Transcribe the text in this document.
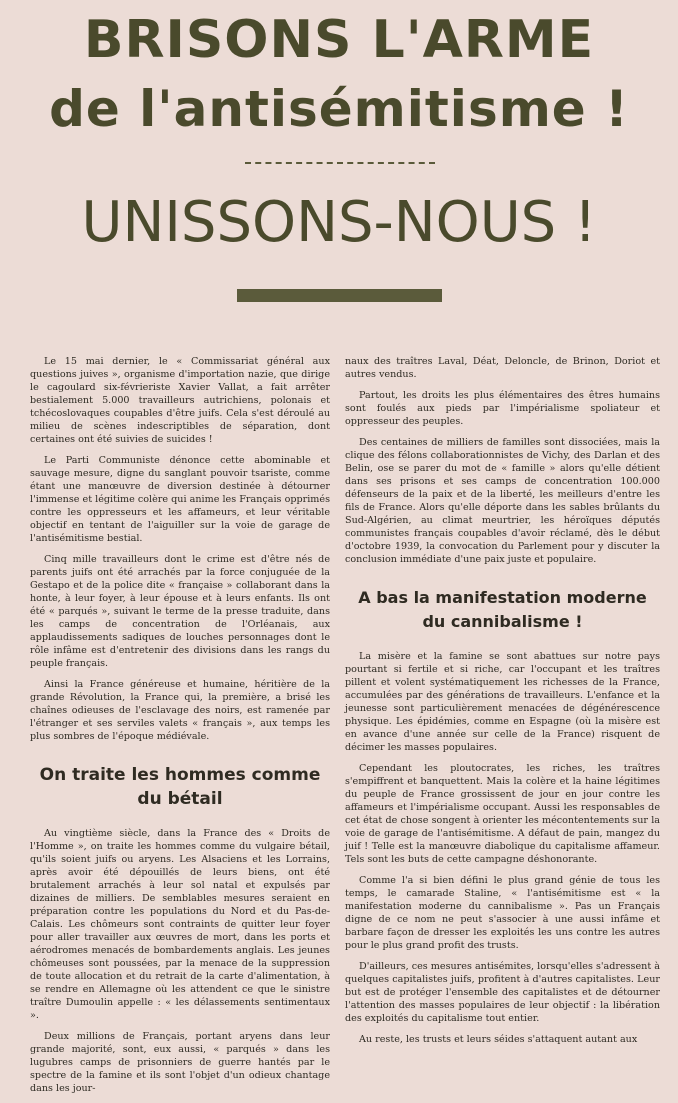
BRISONS L'ARME
de l'antisémitisme !
UNISSONS-NOUS !

Le 15 mai dernier, le « Commissariat général aux questions juives », organisme d'importation nazie, que dirige le cagoulard six-févrieriste Xavier Vallat, a fait arrêter bestialement 5.000 travailleurs autrichiens, polonais et tchécoslovaques coupables d'être juifs. Cela s'est déroulé au milieu de scènes indescriptibles de séparation, dont certaines ont été suivies de suicides !

Le Parti Communiste dénonce cette abominable et sauvage mesure, digne du sanglant pouvoir tsariste, comme étant une manœuvre de diversion destinée à détourner l'immense et légitime colère qui anime les Français opprimés contre les oppresseurs et les affameurs, et leur véritable objectif en tentant de l'aiguiller sur la voie de garage de l'antisémitisme bestial.

Cinq mille travailleurs dont le crime est d'être nés de parents juifs ont été arrachés par la force conjuguée de la Gestapo et de la police dite « française » collaborant dans la honte, à leur foyer, à leur épouse et à leurs enfants. Ils ont été « parqués », suivant le terme de la presse traduite, dans les camps de concentration de l'Orléanais, aux applaudissements sadiques de louches personnages dont le rôle infâme est d'entretenir des divisions dans les rangs du peuple français.

Ainsi la France généreuse et humaine, héritière de la grande Révolution, la France qui, la première, a brisé les chaînes odieuses de l'esclavage des noirs, est ramenée par l'étranger et ses serviles valets « français », aux temps les plus sombres de l'époque médiévale.

On traite les hommes comme du bétail

Au vingtième siècle, dans la France des « Droits de l'Homme », on traite les hommes comme du vulgaire bétail, qu'ils soient juifs ou aryens. Les Alsaciens et les Lorrains, après avoir été dépouillés de leurs biens, ont été brutalement arrachés à leur sol natal et expulsés par dizaines de milliers. De semblables mesures seraient en préparation contre les populations du Nord et du Pas-de-Calais. Les chômeurs sont contraints de quitter leur foyer pour aller travailler aux œuvres de mort, dans les ports et aérodromes menacés de bombardements anglais. Les jeunes chômeuses sont poussées, par la menace de la suppression de toute allocation et du retrait de la carte d'alimentation, à se rendre en Allemagne où les attendent ce que le sinistre traître Dumoulin appelle : « les délassements sentimentaux ».

Deux millions de Français, portant aryens dans leur grande majorité, sont, eux aussi, « parqués » dans les lugubres camps de prisonniers de guerre hantés par le spectre de la famine et ils sont l'objet d'un odieux chantage dans les jour-

naux des traîtres Laval, Déat, Deloncle, de Brinon, Doriot et autres vendus.

Partout, les droits les plus élémentaires des êtres humains sont foulés aux pieds par l'impérialisme spoliateur et oppresseur des peuples.

Des centaines de milliers de familles sont dissociées, mais la clique des félons collaborationnistes de Vichy, des Darlan et des Belin, ose se parer du mot de « famille » alors qu'elle détient dans ses prisons et ses camps de concentration 100.000 défenseurs de la paix et de la liberté, les meilleurs d'entre les fils de France. Alors qu'elle déporte dans les sables brûlants du Sud-Algérien, au climat meurtrier, les héroïques députés communistes français coupables d'avoir réclamé, dès le début d'octobre 1939, la convocation du Parlement pour y discuter la conclusion immédiate d'une paix juste et populaire.

A bas la manifestation moderne du cannibalisme !

La misère et la famine se sont abattues sur notre pays pourtant si fertile et si riche, car l'occupant et les traîtres pillent et volent systématiquement les richesses de la France, accumulées par des générations de travailleurs. L'enfance et la jeunesse sont particulièrement menacées de dégénérescence physique. Les épidémies, comme en Espagne (où la misère est en avance d'une année sur celle de la France) risquent de décimer les masses populaires.

Cependant les ploutocrates, les riches, les traîtres s'empiffrent et banquettent. Mais la colère et la haine légitimes du peuple de France grossissent de jour en jour contre les affameurs et l'impérialisme occupant. Aussi les responsables de cet état de chose songent à orienter les mécontentements sur la voie de garage de l'antisémitisme. A défaut de pain, mangez du juif ! Telle est la manœuvre diabolique du capitalisme affameur. Tels sont les buts de cette campagne déshonorante.

Comme l'a si bien défini le plus grand génie de tous les temps, le camarade Staline, « l'antisémitisme est « la manifestation moderne du cannibalisme ». Pas un Français digne de ce nom ne peut s'associer à une aussi infâme et barbare façon de dresser les exploités les uns contre les autres pour le plus grand profit des trusts.

D'ailleurs, ces mesures antisémites, lorsqu'elles s'adressent à quelques capitalistes juifs, profitent à d'autres capitalistes. Leur but est de protéger l'ensemble des capitalistes et de détourner l'attention des masses populaires de leur objectif : la libération des exploités du capitalisme tout entier.

Au reste, les trusts et leurs séides s'attaquent autant aux
